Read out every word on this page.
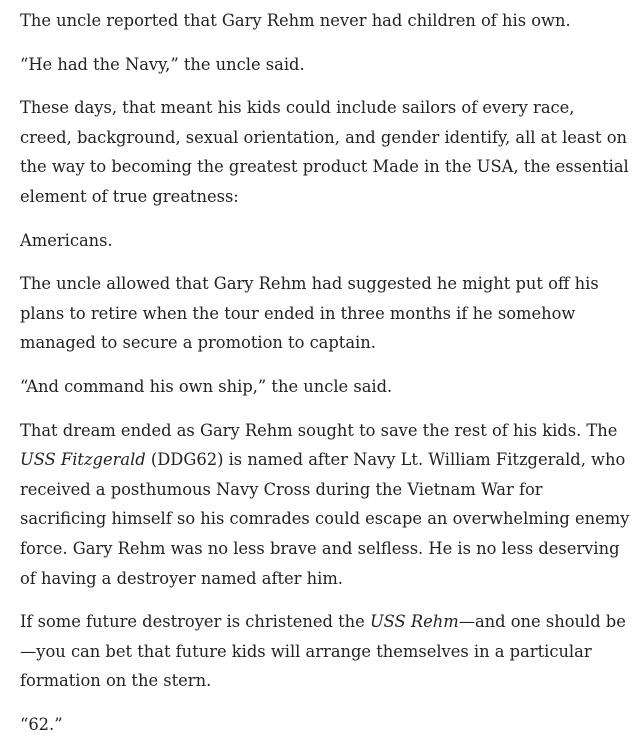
The uncle reported that Gary Rehm never had children of his own.

“He had the Navy,” the uncle said.

These days, that meant his kids could include sailors of every race, creed, background, sexual orientation, and gender identify, all at least on the way to becoming the greatest product Made in the USA, the essential element of true greatness:

Americans.

The uncle allowed that Gary Rehm had suggested he might put off his plans to retire when the tour ended in three months if he somehow managed to secure a promotion to captain.

“And command his own ship,” the uncle said.

That dream ended as Gary Rehm sought to save the rest of his kids. The USS Fitzgerald (DDG62) is named after Navy Lt. William Fitzgerald, who received a posthumous Navy Cross during the Vietnam War for sacrificing himself so his comrades could escape an overwhelming enemy force. Gary Rehm was no less brave and selfless. He is no less deserving of having a destroyer named after him.

If some future destroyer is christened the USS Rehm—and one should be—you can bet that future kids will arrange themselves in a particular formation on the stern.

“62.”
